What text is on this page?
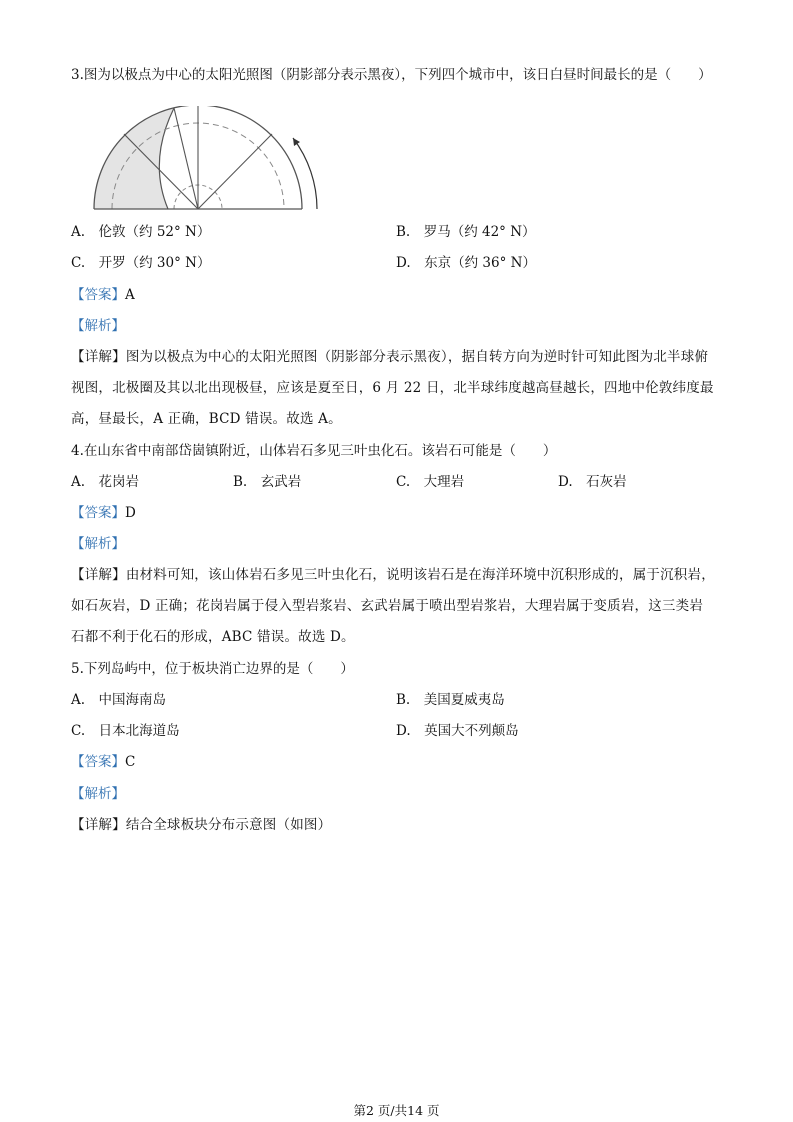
3.图为以极点为中心的太阳光照图（阴影部分表示黑夜），下列四个城市中，该日白昼时间最长的是（　　）
A.　伦敦（约 52° N）	B.　罗马（约 42° N）
C.　开罗（约 30° N）	D.　东京（约 36° N）
【答案】A
【解析】
【详解】图为以极点为中心的太阳光照图（阴影部分表示黑夜），据自转方向为逆时针可知此图为北半球俯
视图，北极圈及其以北出现极昼，应该是夏至日，6 月 22 日，北半球纬度越高昼越长，四地中伦敦纬度最
高，昼最长，A 正确，BCD 错误。故选 A。
4.在山东省中南部岱崮镇附近，山体岩石多见三叶虫化石。该岩石可能是（　　）
A.　花岗岩	B.　玄武岩	C.　大理岩	D.　石灰岩
【答案】D
【解析】
【详解】由材料可知，该山体岩石多见三叶虫化石，说明该岩石是在海洋环境中沉积形成的，属于沉积岩，
如石灰岩，D 正确；花岗岩属于侵入型岩浆岩、玄武岩属于喷出型岩浆岩，大理岩属于变质岩，这三类岩
石都不利于化石的形成，ABC 错误。故选 D。
5.下列岛屿中，位于板块消亡边界的是（　　）
A.　中国海南岛	B.　美国夏威夷岛
C.　日本北海道岛	D.　英国大不列颠岛
【答案】C
【解析】
【详解】结合全球板块分布示意图（如图）
第2 页/共14 页
